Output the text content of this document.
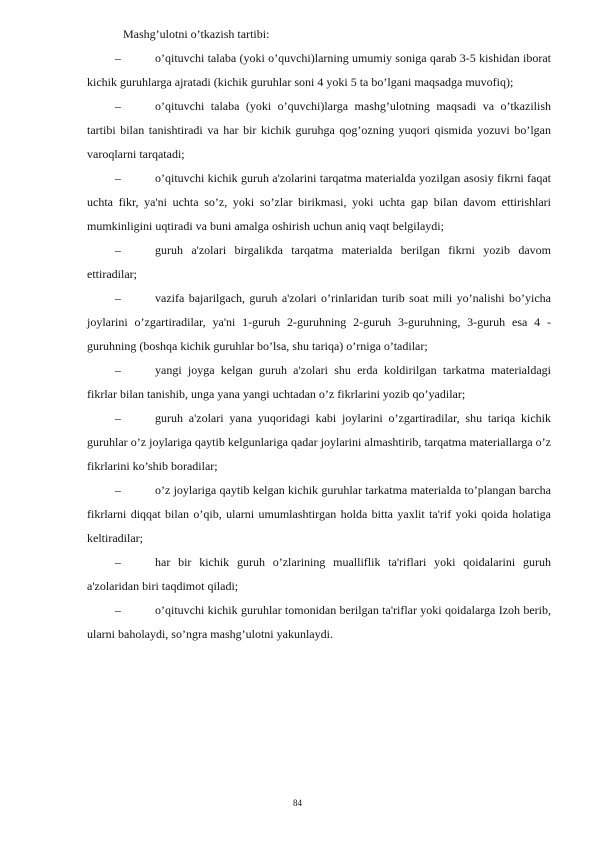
Mashg’ulotni o’tkazish tartibi:

–	o’qituvchi talaba (yoki o’quvchi)larning umumiy soniga qarab 3-5 kishidan iborat kichik guruhlarga ajratadi (kichik guruhlar soni 4 yoki 5 ta bo’lgani maqsadga muvofiq);

–	o’qituvchi talaba (yoki o’quvchi)larga mashg’ulotning maqsadi va o’tkazilish tartibi bilan tanishtiradi va har bir kichik guruhga qog’ozning yuqori qismida yozuvi bo’lgan varoqlarni tarqatadi;

–	o’qituvchi kichik guruh a'zolarini tarqatma materialda yozilgan asosiy fikrni faqat uchta fikr, ya'ni uchta so’z, yoki so’zlar birikmasi, yoki uchta gap bilan davom ettirishlari mumkinligini uqtiradi va buni amalga oshirish uchun aniq vaqt belgilaydi;

–	guruh a'zolari birgalikda tarqatma materialda berilgan fikrni yozib davom ettiradilar;

–	vazifa bajarilgach, guruh a'zolari o’rinlaridan turib soat mili yo’nalishi bo’yicha joylarini o’zgartiradilar, ya'ni 1-guruh 2-guruhning 2-guruh 3-guruhning, 3-guruh esa 4 - guruhning (boshqa kichik guruhlar bo’lsa, shu tariqa) o’rniga o’tadilar;

–	yangi joyga kelgan guruh a'zolari shu erda koldirilgan tarkatma materialdagi fikrlar bilan tanishib, unga yana yangi uchtadan o’z fikrlarini yozib qo’yadilar;

–	guruh a'zolari yana yuqoridagi kabi joylarini o’zgartiradilar, shu tariqa kichik guruhlar o’z joylariga qaytib kelgunlariga qadar joylarini almashtirib, tarqatma materiallarga o’z fikrlarini ko’shib boradilar;

–	o’z joylariga qaytib kelgan kichik guruhlar tarkatma materialda to’plangan barcha fikrlarni diqqat bilan o’qib, ularni umumlashtirgan holda bitta yaxlit ta'rif yoki qoida holatiga keltiradilar;

–	har bir kichik guruh o’zlarining mualliflik ta'riflari yoki qoidalarini guruh a'zolaridan biri taqdimot qiladi;

–	o’qituvchi kichik guruhlar tomonidan berilgan ta'riflar yoki qoidalarga Izoh berib, ularni baholaydi, so’ngra mashg’ulotni yakunlaydi.

84
